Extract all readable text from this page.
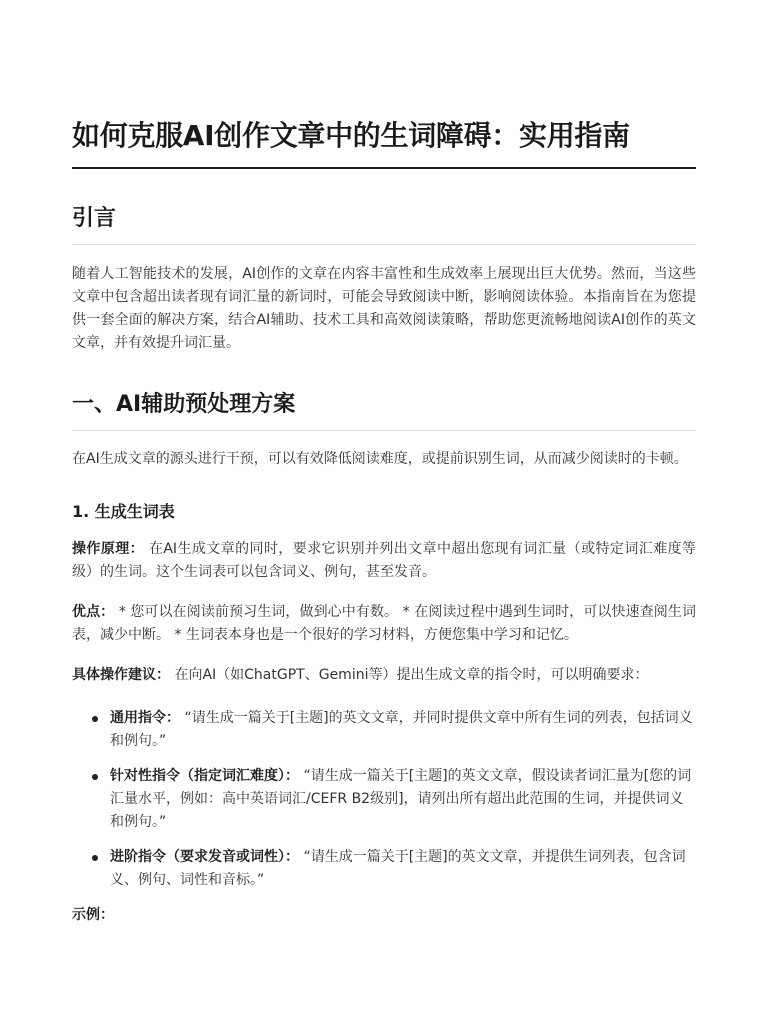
如何克服AI创作文章中的生词障碍：实用指南
引言

随着人工智能技术的发展，AI创作的文章在内容丰富性和生成效率上展现出巨大优势。然而，当这些文章中包含超出读者现有词汇量的新词时，可能会导致阅读中断，影响阅读体验。本指南旨在为您提供一套全面的解决方案，结合AI辅助、技术工具和高效阅读策略，帮助您更流畅地阅读AI创作的英文文章，并有效提升词汇量。

一、AI辅助预处理方案

在AI生成文章的源头进行干预，可以有效降低阅读难度，或提前识别生词，从而减少阅读时的卡顿。

1. 生成生词表

操作原理： 在AI生成文章的同时，要求它识别并列出文章中超出您现有词汇量（或特定词汇难度等级）的生词。这个生词表可以包含词义、例句，甚至发音。

优点： * 您可以在阅读前预习生词，做到心中有数。 * 在阅读过程中遇到生词时，可以快速查阅生词表，减少中断。 * 生词表本身也是一个很好的学习材料，方便您集中学习和记忆。

具体操作建议： 在向AI（如ChatGPT、Gemini等）提出生成文章的指令时，可以明确要求：

通用指令： “请生成一篇关于[主题]的英文文章，并同时提供文章中所有生词的列表，包括词义和例句。”
针对性指令（指定词汇难度）： “请生成一篇关于[主题]的英文文章，假设读者词汇量为[您的词汇量水平，例如：高中英语词汇/CEFR B2级别]，请列出所有超出此范围的生词，并提供词义和例句。”
进阶指令（要求发音或词性）： “请生成一篇关于[主题]的英文文章，并提供生词列表，包含词义、例句、词性和音标。”

示例：
